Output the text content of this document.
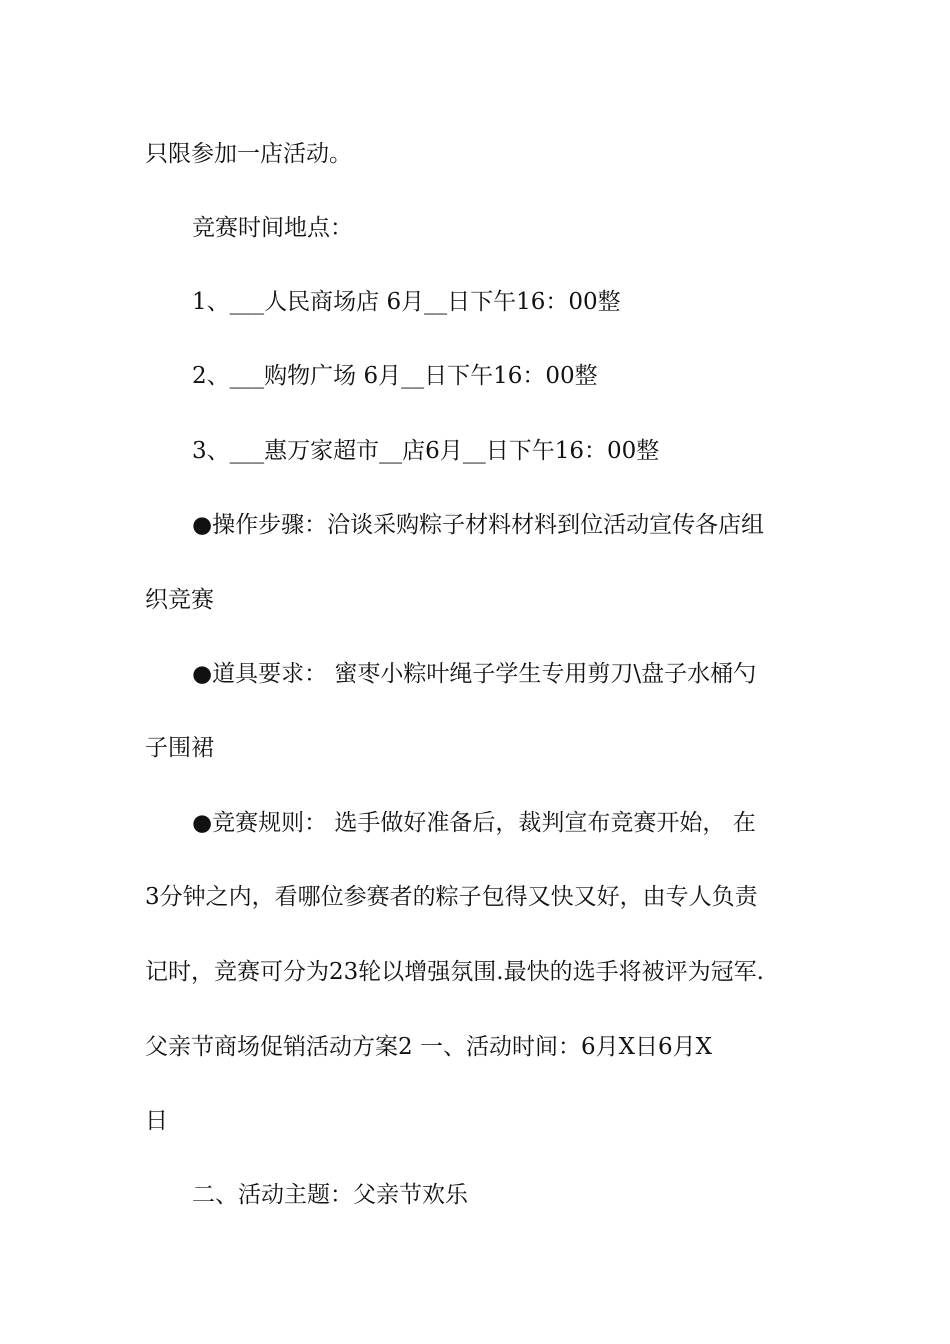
只限参加一店活动。

竞赛时间地点：

1、___人民商场店 6月__日下午16：00整

2、___购物广场 6月__日下午16：00整

3、___惠万家超市__店6月__日下午16：00整

●操作步骤：洽谈采购粽子材料材料到位活动宣传各店组

织竞赛

●道具要求： 蜜枣小粽叶绳子学生专用剪刀\盘子水桶勺

子围裙

●竞赛规则： 选手做好准备后，裁判宣布竞赛开始， 在

3分钟之内，看哪位参赛者的粽子包得又快又好，由专人负责

记时，竞赛可分为23轮以增强氛围.最快的选手将被评为冠军.

父亲节商场促销活动方案2 一、活动时间：6月X日6月X

日

二、活动主题：父亲节欢乐
